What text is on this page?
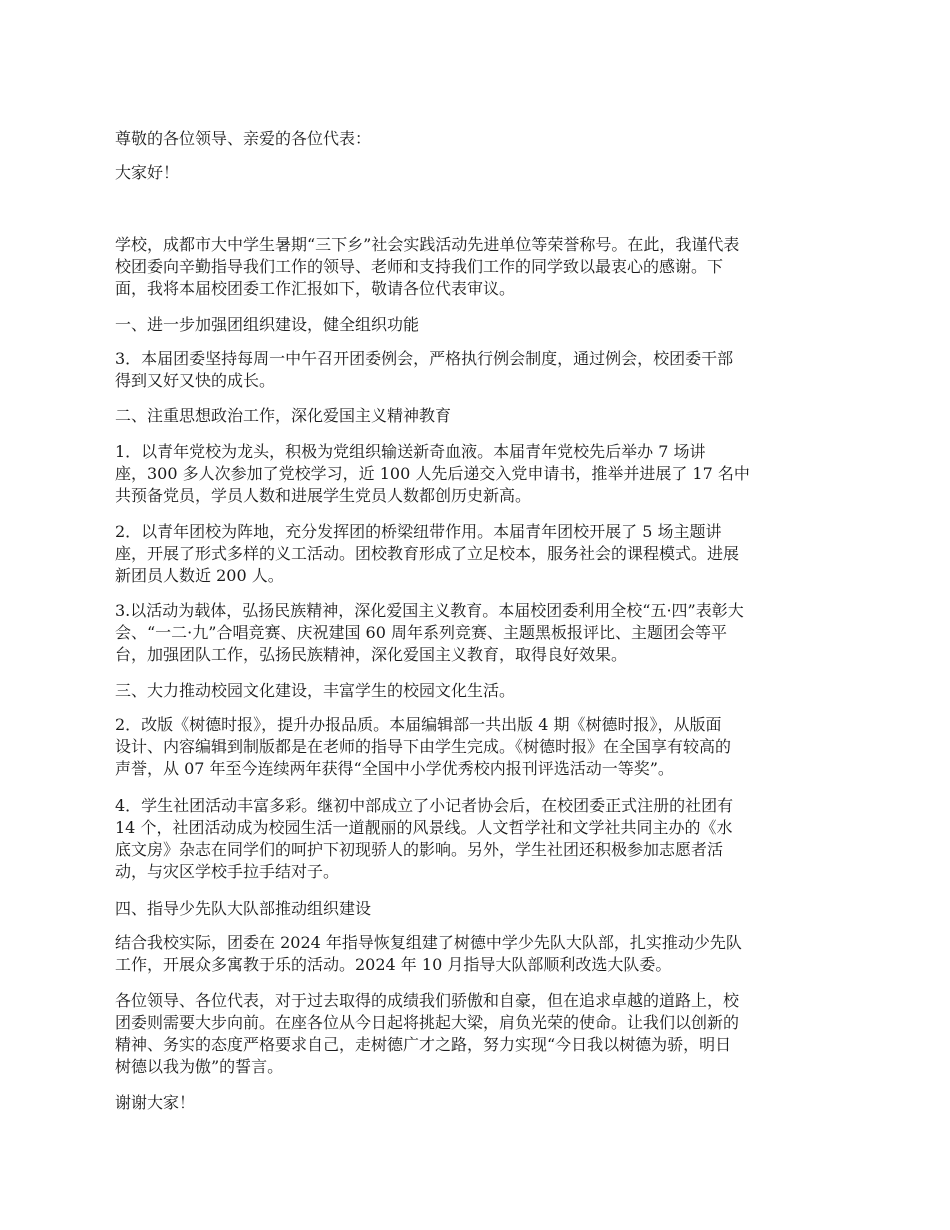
尊敬的各位领导、亲爱的各位代表：

大家好！

学校，成都市大中学生暑期“三下乡”社会实践活动先进单位等荣誉称号。在此，我谨代表
校团委向辛勤指导我们工作的领导、老师和支持我们工作的同学致以最衷心的感谢。下
面，我将本届校团委工作汇报如下，敬请各位代表审议。

一、进一步加强团组织建设，健全组织功能

3．本届团委坚持每周一中午召开团委例会，严格执行例会制度，通过例会，校团委干部
得到又好又快的成长。

二、注重思想政治工作，深化爱国主义精神教育

1．以青年党校为龙头，积极为党组织输送新奇血液。本届青年党校先后举办 7 场讲
座，300 多人次参加了党校学习，近 100 人先后递交入党申请书，推举并进展了 17 名中
共预备党员，学员人数和进展学生党员人数都创历史新高。

2．以青年团校为阵地，充分发挥团的桥梁纽带作用。本届青年团校开展了 5 场主题讲
座，开展了形式多样的义工活动。团校教育形成了立足校本，服务社会的课程模式。进展
新团员人数近 200 人。

3.以活动为载体，弘扬民族精神，深化爱国主义教育。本届校团委利用全校“五·四”表彰大
会、“一二·九”合唱竞赛、庆祝建国 60 周年系列竞赛、主题黑板报评比、主题团会等平
台，加强团队工作，弘扬民族精神，深化爱国主义教育，取得良好效果。

三、大力推动校园文化建设，丰富学生的校园文化生活。

2．改版《树德时报》，提升办报品质。本届编辑部一共出版 4 期《树德时报》，从版面
设计、内容编辑到制版都是在老师的指导下由学生完成。《树德时报》在全国享有较高的
声誉，从 07 年至今连续两年获得“全国中小学优秀校内报刊评选活动一等奖”。

4．学生社团活动丰富多彩。继初中部成立了小记者协会后，在校团委正式注册的社团有
14 个，社团活动成为校园生活一道靓丽的风景线。人文哲学社和文学社共同主办的《水
底文房》杂志在同学们的呵护下初现骄人的影响。另外，学生社团还积极参加志愿者活
动，与灾区学校手拉手结对子。

四、指导少先队大队部推动组织建设

结合我校实际，团委在 2024 年指导恢复组建了树德中学少先队大队部，扎实推动少先队
工作，开展众多寓教于乐的活动。2024 年 10 月指导大队部顺利改选大队委。

各位领导、各位代表，对于过去取得的成绩我们骄傲和自豪，但在追求卓越的道路上，校
团委则需要大步向前。在座各位从今日起将挑起大梁，肩负光荣的使命。让我们以创新的
精神、务实的态度严格要求自己，走树德广才之路，努力实现“今日我以树德为骄，明日
树德以我为傲”的誓言。

谢谢大家！
